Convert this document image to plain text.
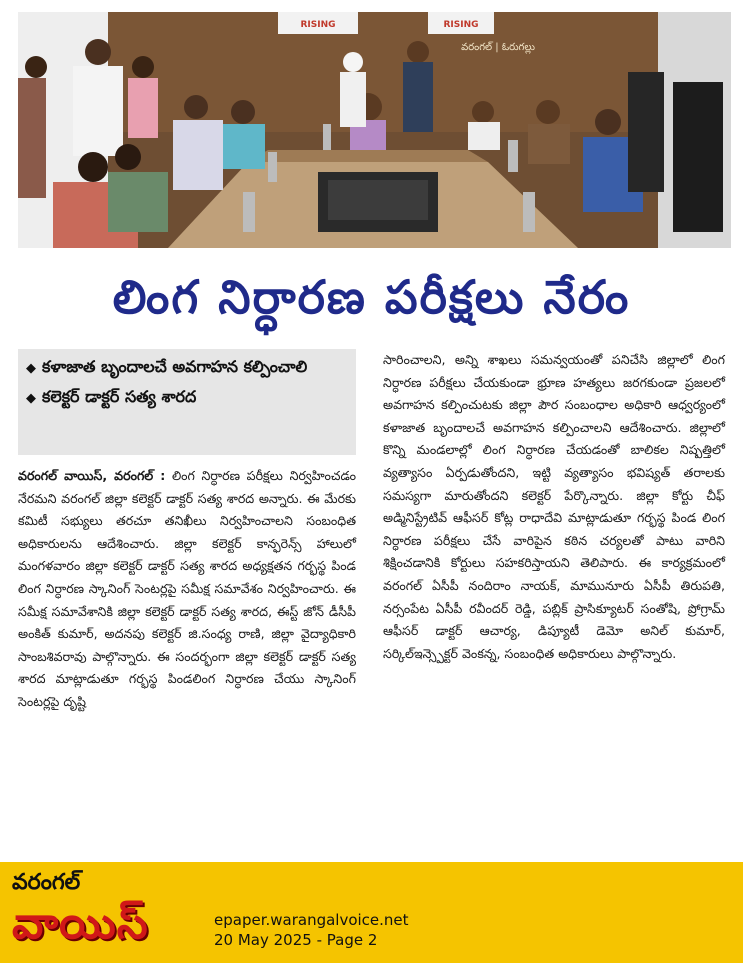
RISING	RISING
వరంగల్ | ఓరుగల్లు
లింగ నిర్ధారణ పరీక్షలు నేరం
◆ కళాజాత బృందాలచే అవగాహన కల్పించాలి
◆ కలెక్టర్ డాక్టర్ సత్య శారద
వరంగల్ వాయిస్, వరంగల్ : లింగ నిర్ధారణ పరీక్షలు నిర్వహించడం నేరమని వరంగల్ జిల్లా కలెక్టర్ డాక్టర్ సత్య శారద అన్నారు. ఈ మేరకు కమిటీ సభ్యులు తరచూ తనిఖీలు నిర్వహించాలని సంబంధిత అధికారులను ఆదేశించారు. జిల్లా కలెక్టర్ కాన్ఫరెన్స్ హాలులో మంగళవారం జిల్లా కలెక్టర్ డాక్టర్ సత్య శారద అధ్యక్షతన గర్భస్థ పిండ లింగ నిర్ధారణ స్కానింగ్ సెంటర్లపై సమీక్ష సమావేశం నిర్వహించారు. ఈ సమీక్ష సమావేశానికి జిల్లా కలెక్టర్ డాక్టర్ సత్య శారద, ఈస్ట్ జోన్ డీసీపీ అంకిత్ కుమార్, అదనపు కలెక్టర్ జి.సంధ్య రాణి, జిల్లా వైద్యాధికారి సాంబశివరావు పాల్గొన్నారు. ఈ సందర్భంగా జిల్లా కలెక్టర్ డాక్టర్ సత్య శారద మాట్లాడుతూ గర్భస్థ పిండలింగ నిర్ధారణ చేయు స్కానింగ్ సెంటర్లపై దృష్టి
సారించాలని, అన్ని శాఖలు సమన్వయంతో పనిచేసి జిల్లాలో లింగ నిర్ధారణ పరీక్షలు చేయకుండా భ్రూణ హత్యలు జరగకుండా ప్రజలలో అవగాహన కల్పించుటకు జిల్లా పౌర సంబంధాల అధికారి ఆధ్వర్యంలో కళాజాత బృందాలచే అవగాహన కల్పించాలని ఆదేశించారు. జిల్లాలో కొన్ని మండలాల్లో లింగ నిర్ధారణ చేయడంతో బాలికల నిష్పత్తిలో వ్యత్యాసం ఏర్పడుతోందని, ఇట్టి వ్యత్యాసం భవిష్యత్ తరాలకు సమస్యగా మారుతోందని కలెక్టర్ పేర్కొన్నారు. జిల్లా కోర్టు చీఫ్ అడ్మినిస్ట్రేటివ్ ఆఫీసర్ కోట్ల రాధాదేవి మాట్లాడుతూ గర్భస్థ పిండ లింగ నిర్ధారణ పరీక్షలు చేసే వారిపైన కఠిన చర్యలతో పాటు వారిని శిక్షించడానికి కోర్టులు సహకరిస్తాయని తెలిపారు. ఈ కార్యక్రమంలో వరంగల్ ఏసీపీ నందిరాం నాయక్, మామునూరు ఏసీపీ తిరుపతి, నర్సంపేట ఏసీపీ రవీందర్ రెడ్డి, పబ్లిక్ ప్రాసిక్యూటర్ సంతోషి, ప్రోగ్రామ్ ఆఫీసర్ డాక్టర్ ఆచార్య, డిప్యూటీ డెమో అనిల్ కుమార్, సర్కిల్ఇన్స్పెక్టర్ వెంకన్న, సంబంధిత అధికారులు పాల్గొన్నారు.
వరంగల్
వాయిస్	epaper.warangalvoice.net
20 May 2025 - Page 2
